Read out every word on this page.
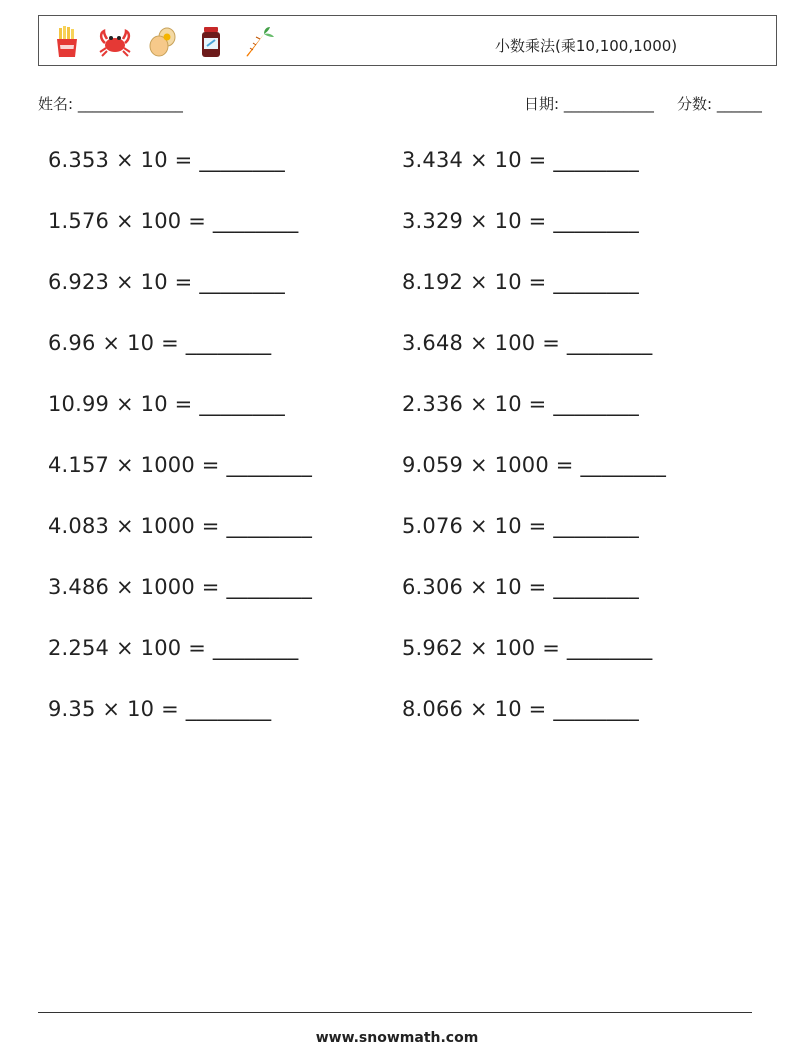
小数乘法(乘10,100,1000)
姓名: ______________	日期: ____________ 分数: ______
6.353 × 10 = ________	3.434 × 10 = ________
1.576 × 100 = ________	3.329 × 10 = ________
6.923 × 10 = ________	8.192 × 10 = ________
6.96 × 10 = ________	3.648 × 100 = ________
10.99 × 10 = ________	2.336 × 10 = ________
4.157 × 1000 = ________	9.059 × 1000 = ________
4.083 × 1000 = ________	5.076 × 10 = ________
3.486 × 1000 = ________	6.306 × 10 = ________
2.254 × 100 = ________	5.962 × 100 = ________
9.35 × 10 = ________	8.066 × 10 = ________
www.snowmath.com
